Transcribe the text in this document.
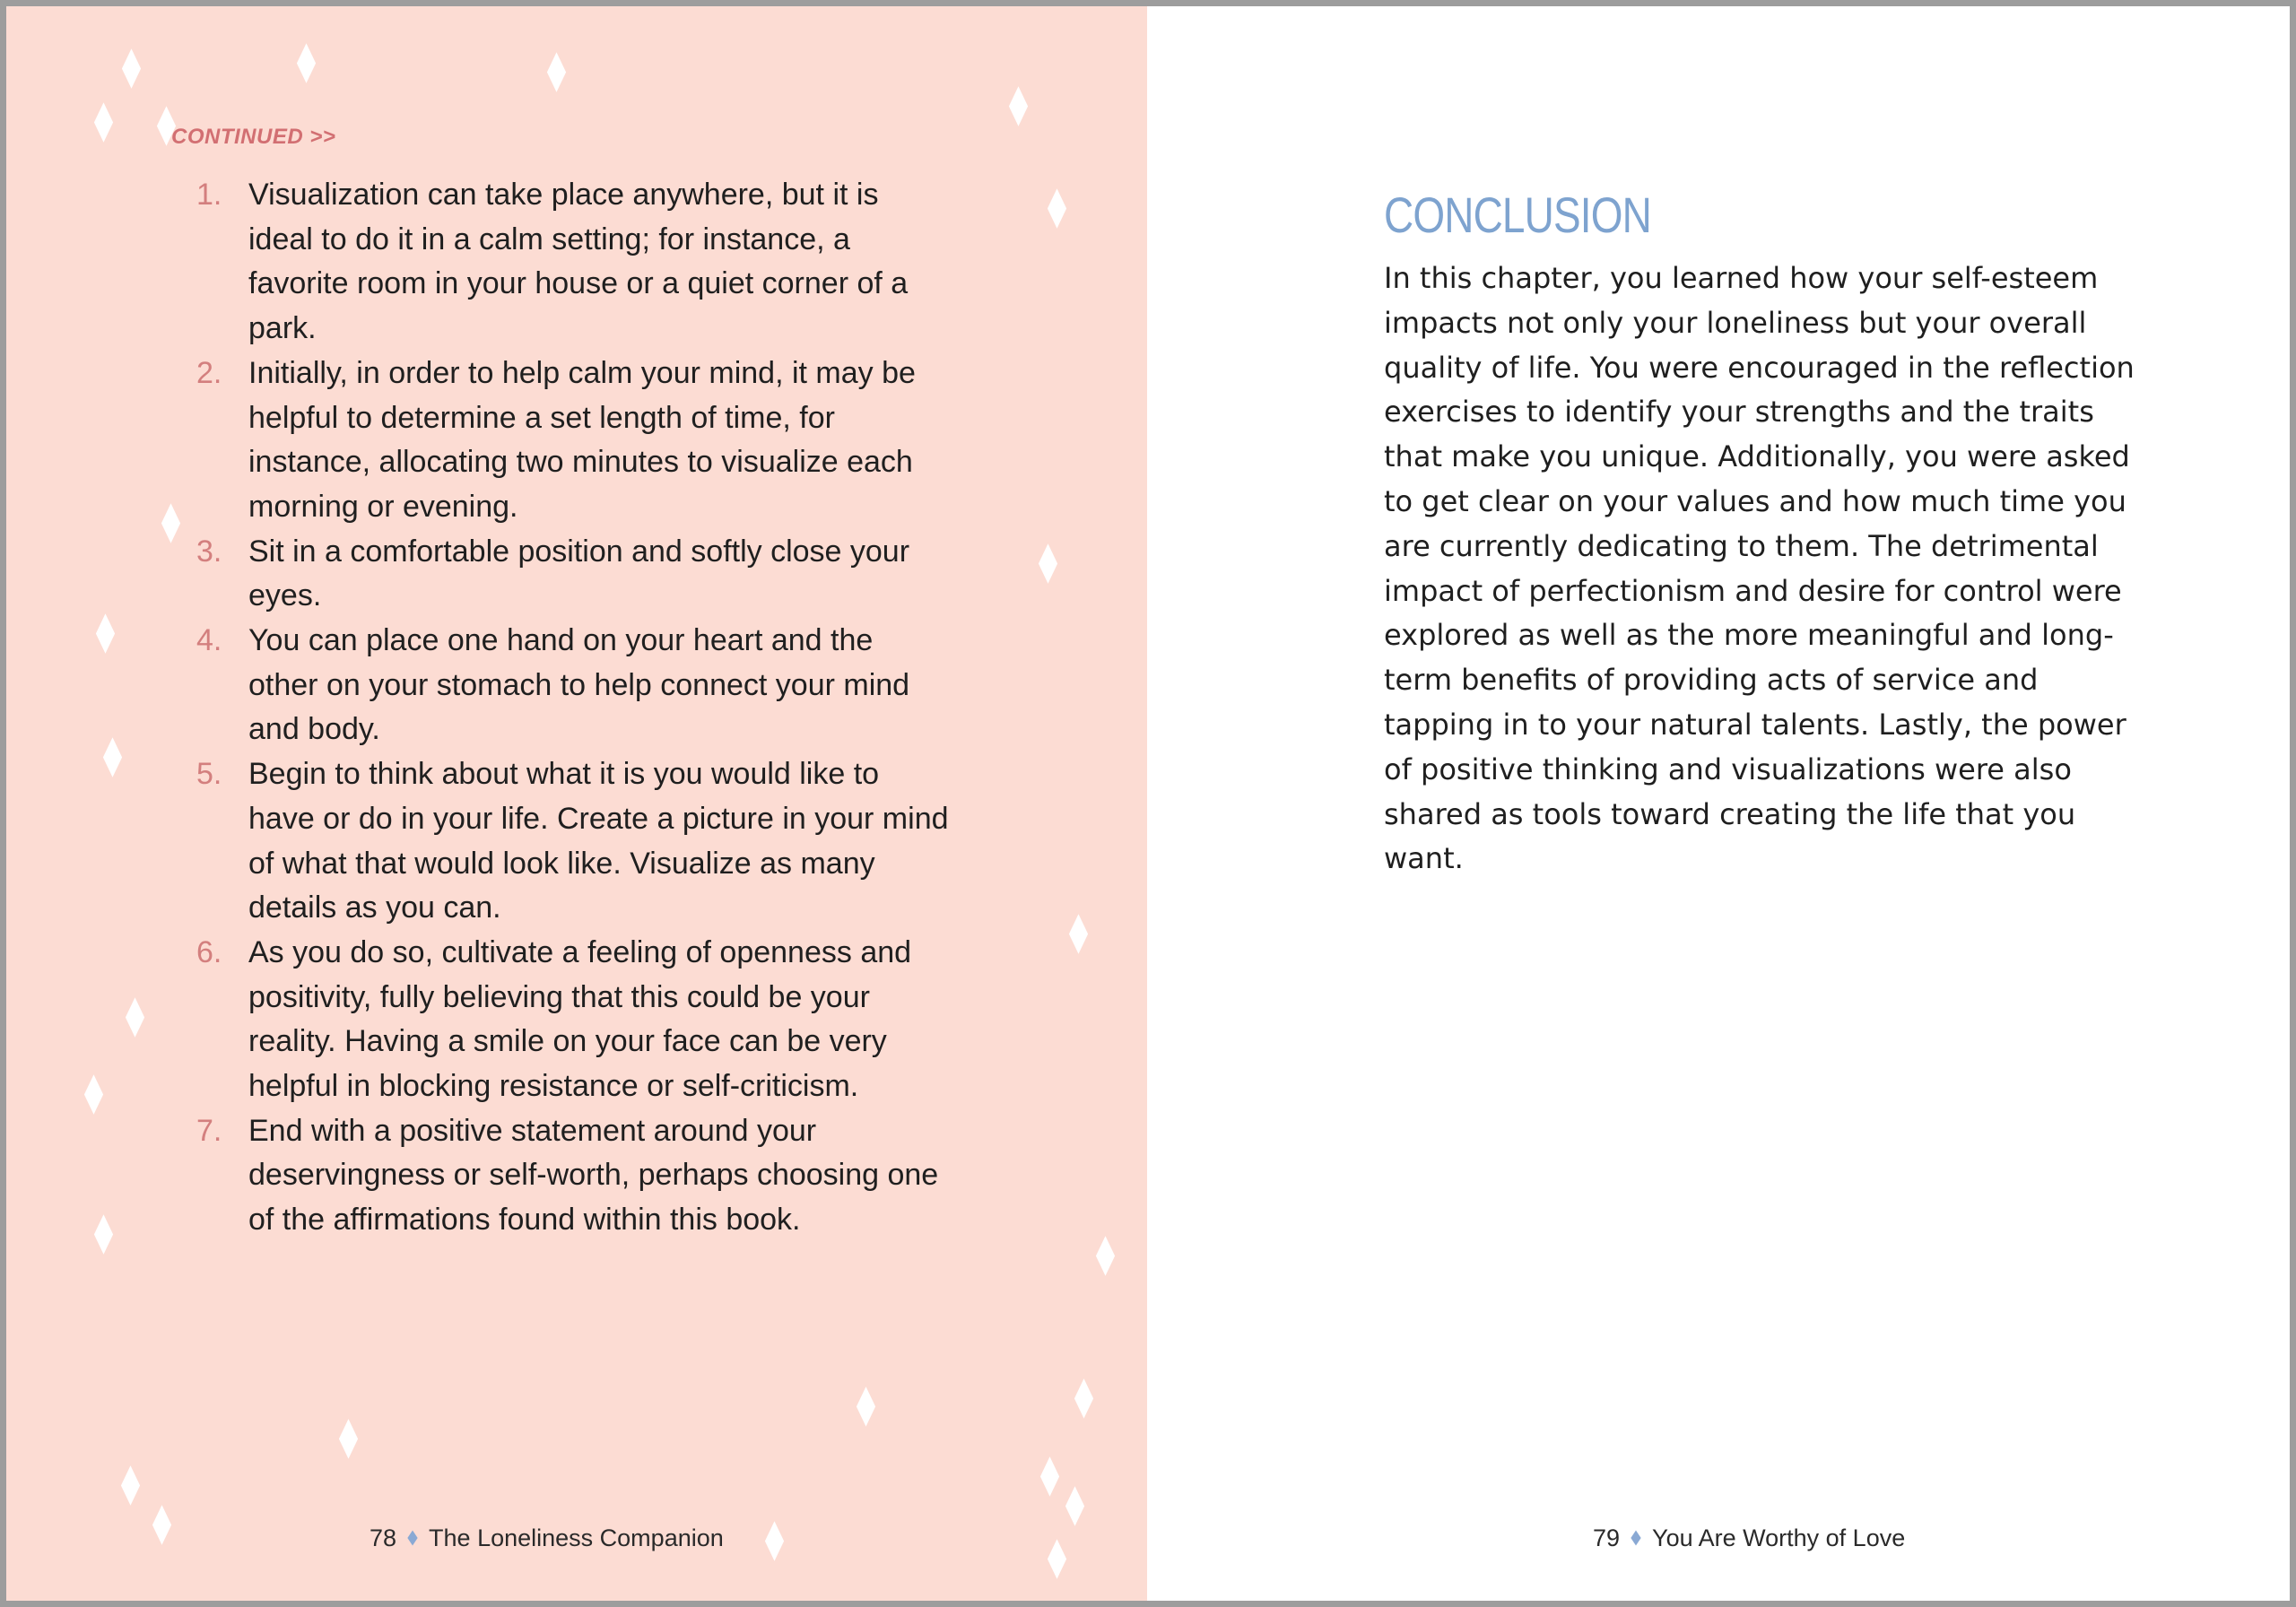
CONTINUED >>
1. Visualization can take place anywhere, but it is ideal to do it in a calm setting; for instance, a favorite room in your house or a quiet corner of a park.
2. Initially, in order to help calm your mind, it may be helpful to determine a set length of time, for instance, allocating two minutes to visualize each morning or evening.
3. Sit in a comfortable position and softly close your eyes.
4. You can place one hand on your heart and the other on your stomach to help connect your mind and body.
5. Begin to think about what it is you would like to have or do in your life. Create a picture in your mind of what that would look like. Visualize as many details as you can.
6. As you do so, cultivate a feeling of openness and positivity, fully believing that this could be your reality. Having a smile on your face can be very helpful in blocking resistance or self-criticism.
7. End with a positive statement around your deservingness or self-worth, perhaps choosing one of the affirmations found within this book.
78 The Loneliness Companion
CONCLUSION

In this chapter, you learned how your self-esteem impacts not only your loneliness but your overall quality of life. You were encouraged in the reflection exercises to identify your strengths and the traits that make you unique. Additionally, you were asked to get clear on your values and how much time you are currently dedicating to them. The detrimental impact of perfectionism and desire for control were explored as well as the more meaningful and long-term benefits of providing acts of service and tapping in to your natural talents. Lastly, the power of positive thinking and visualizations were also shared as tools toward creating the life that you want.

79 You Are Worthy of Love
